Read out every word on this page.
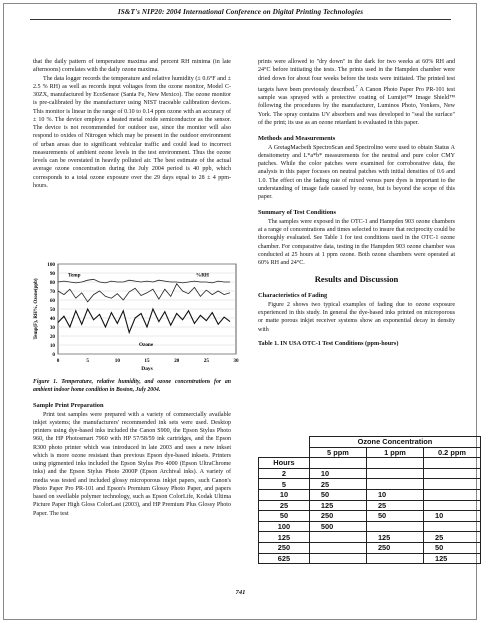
IS&T's NIP20: 2004 International Conference on Digital Printing Technologies

that the daily pattern of temperature maxima and percent RH minima (in late afternoons) correlates with the daily ozone maxima.

The data logger records the temperature and relative humidity (± 0.6°F and ± 2.5 % RH) as well as records input voltages from the ozone monitor, Model C-30ZX, manufactured by EcoSensor (Santa Fe, New Mexico). The ozone monitor is pre-calibrated by the manufacturer using NIST traceable calibration devices. This monitor is linear in the range of 0.10 to 0.14 ppm ozone with an accuracy of ± 10 %. The device employs a heated metal oxide semiconductor as the sensor. The device is not recommended for outdoor use, since the monitor will also respond to oxides of Nitrogen which may be present in the outdoor environment of urban areas due to significant vehicular traffic and could lead to incorrect measurements of ambient ozone levels in the test environment. Thus the ozone levels can be overstated in heavily polluted air. The best estimate of the actual average ozone concentration during the July 2004 period is 40 ppb, which corresponds to a total ozone exposure over the 29 days equal to 28 ± 4 ppm-hours.

0
10
20
30
40
50
60
70
80
90
100
0	5	10	15	20	25	30
Days
Temp(F), RH%, Ozone(ppb)
Temp	%RH
Ozone

Figure 1. Temperature, relative humidity, and ozone concentrations for an ambient indoor home condition in Boston, July 2004.

Sample Print Preparation

Print test samples were prepared with a variety of commercially available inkjet systems; the manufacturers' recommended ink sets were used. Desktop printers using dye-based inks included the Canon S900, the Epson Stylus Photo 960, the HP Photosmart 7960 with HP 57/58/59 ink cartridges, and the Epson R300 photo printer which was introduced in late 2003 and uses a new inkset which is more ozone resistant than previous Epson dye-based inksets. Printers using pigmented inks included the Epson Stylus Pro 4000 (Epson UltraChrome inks) and the Epson Stylus Photo 2000P (Epson Archival inks). A variety of media was tested and included glossy microporous inkjet papers, such Canon's Photo Paper Pro PR-101 and Epson's Premium Glossy Photo Paper, and papers based on swellable polymer technology, such as Epson ColorLife, Kodak Ultima Picture Paper High Gloss ColorLast (2003), and HP Premium Plus Glossy Photo Paper. The test

prints were allowed to "dry down" in the dark for two weeks at 60% RH and 24°C before initiating the tests. The prints used in the Hampden chamber were dried down for about four weeks before the tests were initiated. The printed test targets have been previously described.$^7$ A Canon Photo Paper Pro PR-101 test sample was sprayed with a protective coating of Lumijet™ Image Shield™ following the procedures by the manufacturer, Luminos Photo, Yonkers, New York. The spray contains UV absorbers and was developed to "seal the surface" of the print; its use as an ozone retardant is evaluated in this paper.

Methods and Measurements

A GretagMacbeth SpectroScan and Spectrolino were used to obtain Status A densitometry and L*a*b* measurements for the neutral and pure color CMY patches. While the color patches were examined for corroborative data, the analysis in this paper focuses on neutral patches with initial densities of 0.6 and 1.0. The effect on the fading rate of mixed versus pure dyes is important to the understanding of image fade caused by ozone, but is beyond the scope of this paper.

Summary of Test Conditions

The samples were exposed in the OTC-1 and Hampden 903 ozone chambers at a range of concentrations and times selected to insure that reciprocity could be thoroughly evaluated. See Table 1 for test conditions used in the OTC-1 ozone chamber. For comparative data, testing in the Hampden 903 ozone chamber was conducted at 25 hours at 1 ppm ozone. Both ozone chambers were operated at 60% RH and 24°C.

Results and Discussion

Characteristics of Fading

Figure 2 shows two typical examples of fading due to ozone exposure experienced in this study. In general the dye-based inks printed on microporous or matte porous inkjet receiver systems show an exponential decay in density with

Table 1. IN USA OTC-1 Test Conditions (ppm-hours)

	Ozone Concentration		
	5 ppm	1 ppm	0.2 ppm
Hours			
2	10		
5	25		
10	50	10	
25	125	25	
50	250	50	10
100	500		
125		125	25
250		250	50
625			125
741
